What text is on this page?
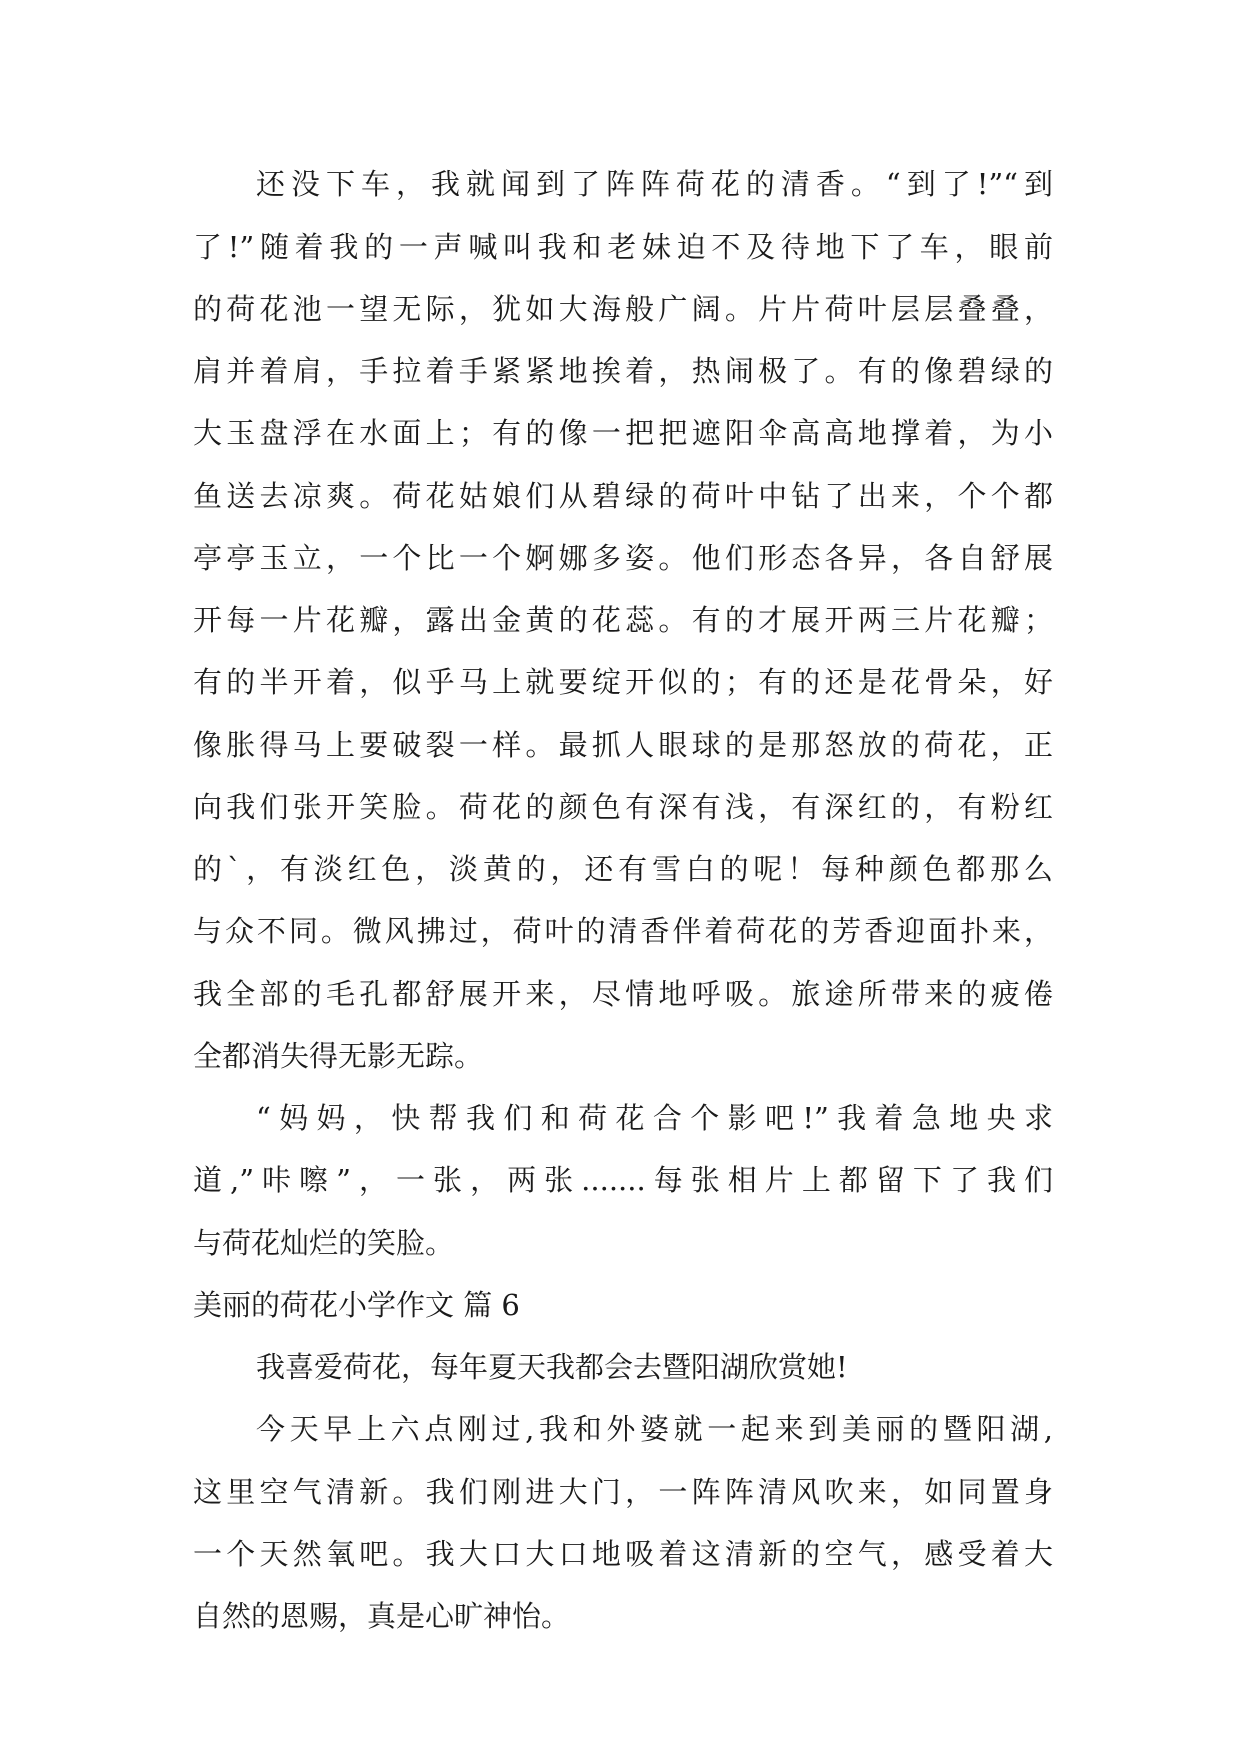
还没下车，我就闻到了阵阵荷花的清香。“到了!”“到
了!”随着我的一声喊叫我和老妹迫不及待地下了车，眼前
的荷花池一望无际，犹如大海般广阔。片片荷叶层层叠叠，
肩并着肩，手拉着手紧紧地挨着，热闹极了。有的像碧绿的
大玉盘浮在水面上；有的像一把把遮阳伞高高地撑着，为小
鱼送去凉爽。荷花姑娘们从碧绿的荷叶中钻了出来，个个都
亭亭玉立，一个比一个婀娜多姿。他们形态各异，各自舒展
开每一片花瓣，露出金黄的花蕊。有的才展开两三片花瓣；
有的半开着，似乎马上就要绽开似的；有的还是花骨朵，好
像胀得马上要破裂一样。最抓人眼球的是那怒放的荷花，正
向我们张开笑脸。荷花的颜色有深有浅，有深红的，有粉红
的`，有淡红色，淡黄的，还有雪白的呢！每种颜色都那么
与众不同。微风拂过，荷叶的清香伴着荷花的芳香迎面扑来，
我全部的毛孔都舒展开来，尽情地呼吸。旅途所带来的疲倦
全都消失得无影无踪。
“妈妈，快帮我们和荷花合个影吧!”我着急地央求
道,”咔嚓”，一张，两张.......每张相片上都留下了我们
与荷花灿烂的笑脸。
美丽的荷花小学作文 篇 6
我喜爱荷花，每年夏天我都会去暨阳湖欣赏她!
今天早上六点刚过,我和外婆就一起来到美丽的暨阳湖,
这里空气清新。我们刚进大门，一阵阵清风吹来，如同置身
一个天然氧吧。我大口大口地吸着这清新的空气，感受着大
自然的恩赐，真是心旷神怡。
